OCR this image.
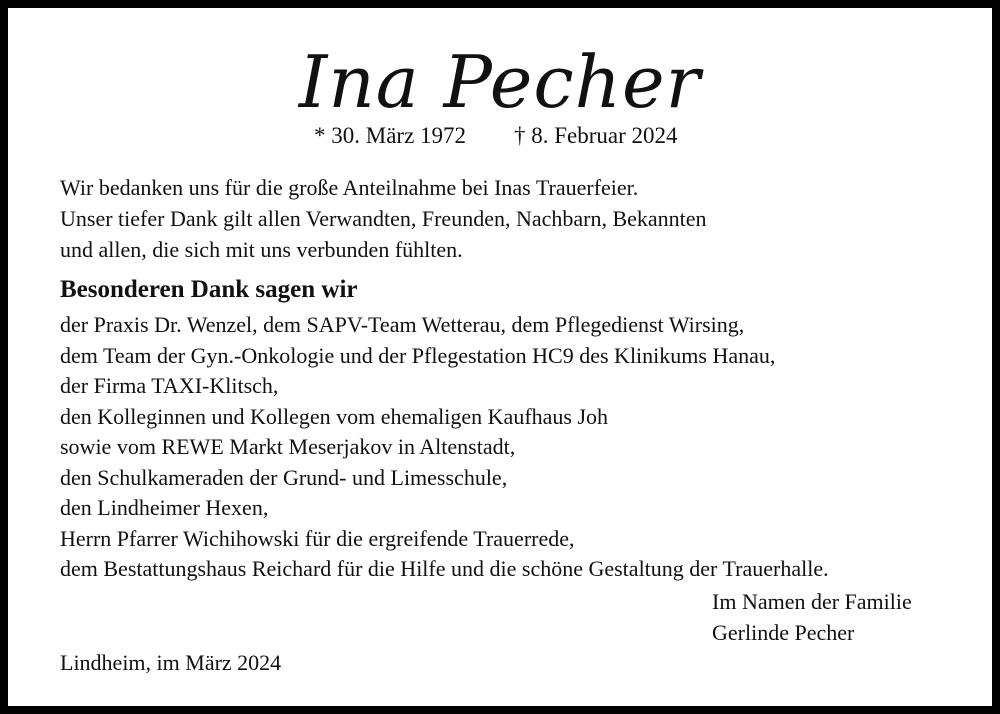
Ina Pecher
* 30. März 1972 † 8. Februar 2024
Wir bedanken uns für die große Anteilnahme bei Inas Trauerfeier.
Unser tiefer Dank gilt allen Verwandten, Freunden, Nachbarn, Bekannten
und allen, die sich mit uns verbunden fühlten.
Besonderen Dank sagen wir
der Praxis Dr. Wenzel, dem SAPV-Team Wetterau, dem Pflegedienst Wirsing,
dem Team der Gyn.-Onkologie und der Pflegestation HC9 des Klinikums Hanau,
der Firma TAXI-Klitsch,
den Kolleginnen und Kollegen vom ehemaligen Kaufhaus Joh
sowie vom REWE Markt Meserjakov in Altenstadt,
den Schulkameraden der Grund- und Limesschule,
den Lindheimer Hexen,
Herrn Pfarrer Wichihowski für die ergreifende Trauerrede,
dem Bestattungshaus Reichard für die Hilfe und die schöne Gestaltung der Trauerhalle.
Im Namen der Familie
Gerlinde Pecher
Lindheim, im März 2024
